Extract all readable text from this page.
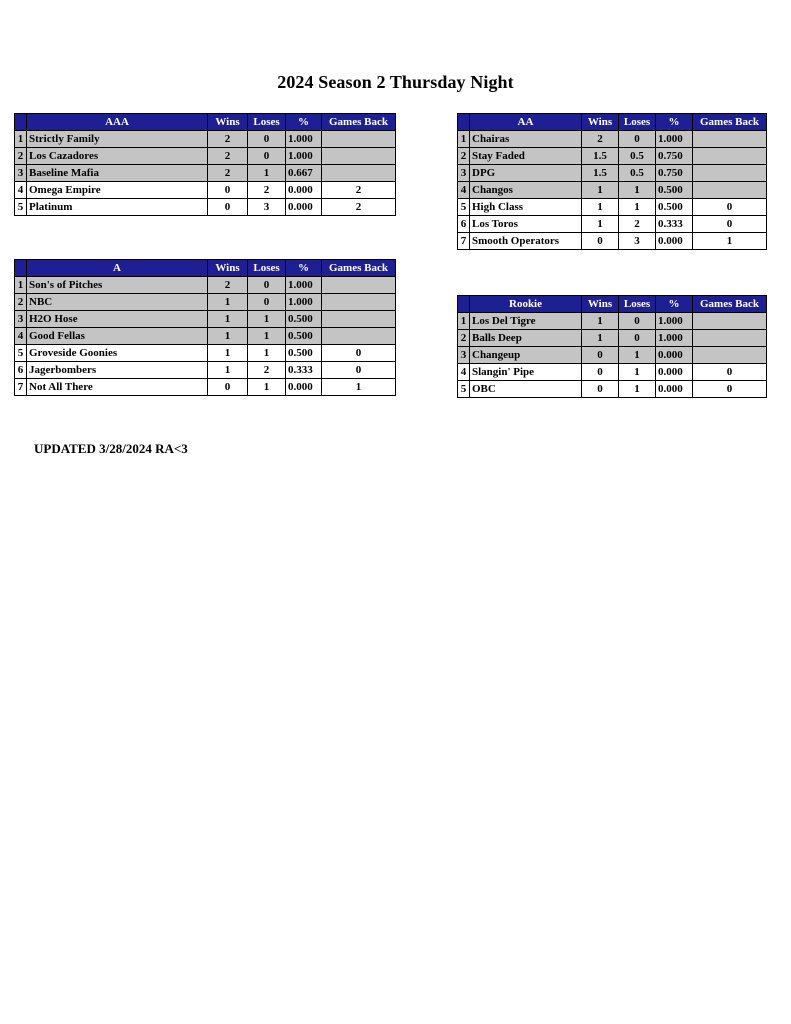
2024 Season 2 Thursday Night
	AAA	Wins	Loses	%	Games Back
1	Strictly Family	2	0	1.000	
2	Los Cazadores	2	0	1.000	
3	Baseline Mafia	2	1	0.667	
4	Omega Empire	0	2	0.000	2
5	Platinum	0	3	0.000	2
	AA	Wins	Loses	%	Games Back
1	Chairas	2	0	1.000	
2	Stay Faded	1.5	0.5	0.750	
3	DPG	1.5	0.5	0.750	
4	Changos	1	1	0.500	
5	High Class	1	1	0.500	0
6	Los Toros	1	2	0.333	0
7	Smooth Operators	0	3	0.000	1
	A	Wins	Loses	%	Games Back
1	Son's of Pitches	2	0	1.000	
2	NBC	1	0	1.000	
3	H2O Hose	1	1	0.500	
4	Good Fellas	1	1	0.500	
5	Groveside Goonies	1	1	0.500	0
6	Jagerbombers	1	2	0.333	0
7	Not All There	0	1	0.000	1
	Rookie	Wins	Loses	%	Games Back
1	Los Del Tigre	1	0	1.000	
2	Balls Deep	1	0	1.000	
3	Changeup	0	1	0.000	
4	Slangin' Pipe	0	1	0.000	0
5	OBC	0	1	0.000	0
UPDATED 3/28/2024 RA<3
